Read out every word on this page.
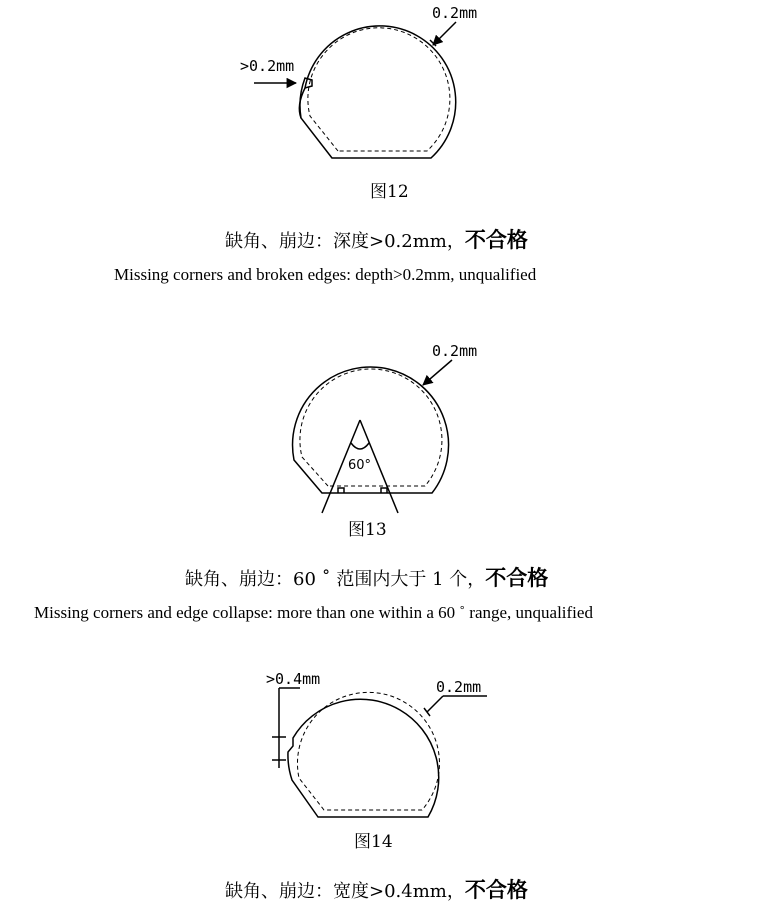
0.2mm
>0.2mm
0.2mm
60°
>0.4mm	0.2mm
图12
图13
图14
缺角、崩边：深度>0.2mm，不合格
Missing corners and broken edges: depth>0.2mm, unqualified
缺角、崩边：60 ˚ 范围内大于 1 个，不合格
Missing corners and edge collapse: more than one within a 60 ˚ range, unqualified
缺角、崩边：宽度>0.4mm，不合格
